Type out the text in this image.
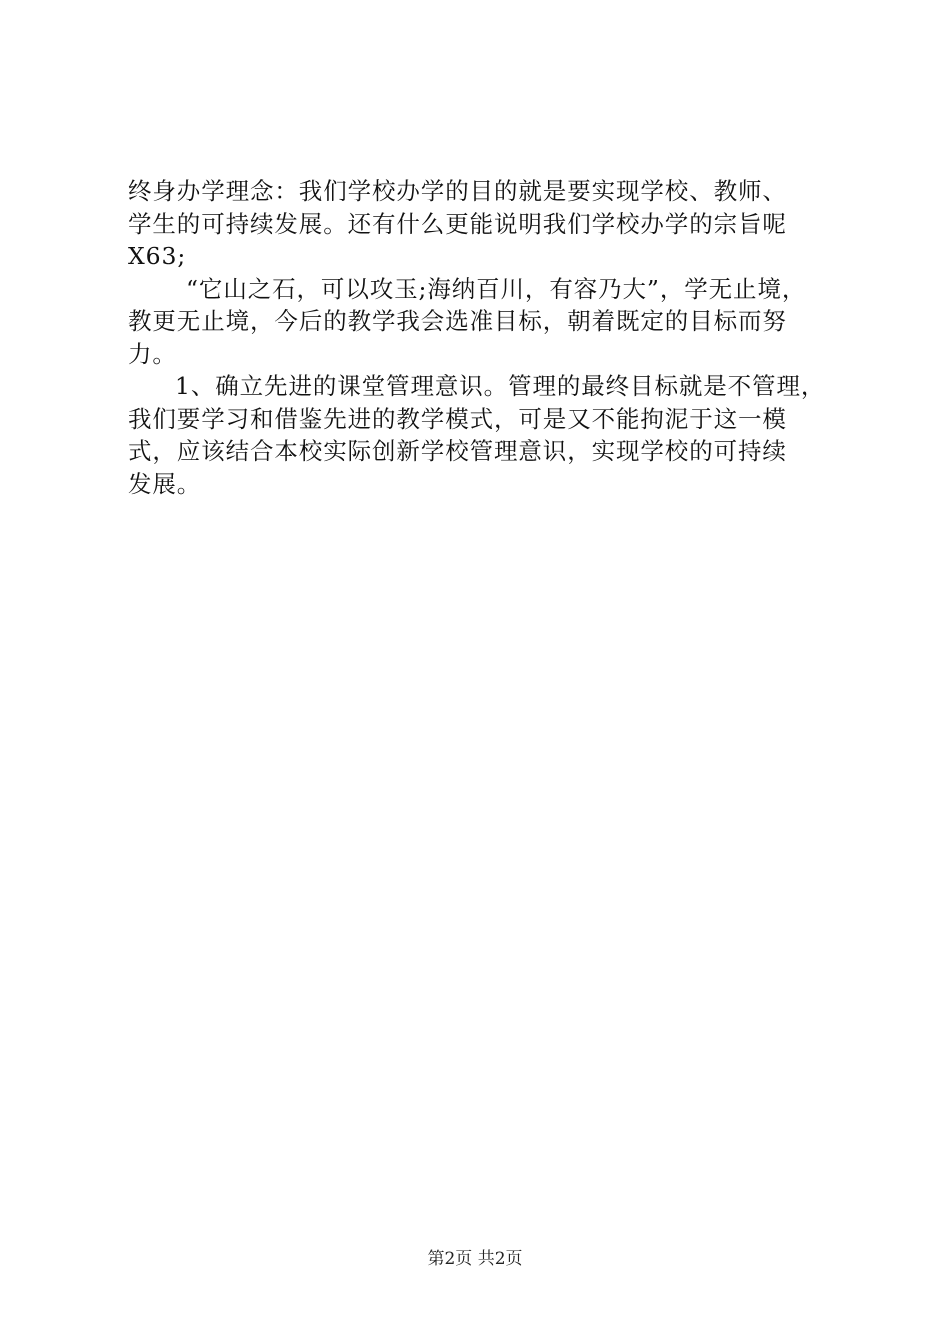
终身办学理念：我们学校办学的目的就是要实现学校、教师、
学生的可持续发展。还有什么更能说明我们学校办学的宗旨呢
X63;
“它山之石，可以攻玉;海纳百川，有容乃大”，学无止境，
教更无止境，今后的教学我会选准目标，朝着既定的目标而努
力。
1、确立先进的课堂管理意识。管理的最终目标就是不管理，
我们要学习和借鉴先进的教学模式，可是又不能拘泥于这一模
式，应该结合本校实际创新学校管理意识，实现学校的可持续
发展。
第2页 共2页
